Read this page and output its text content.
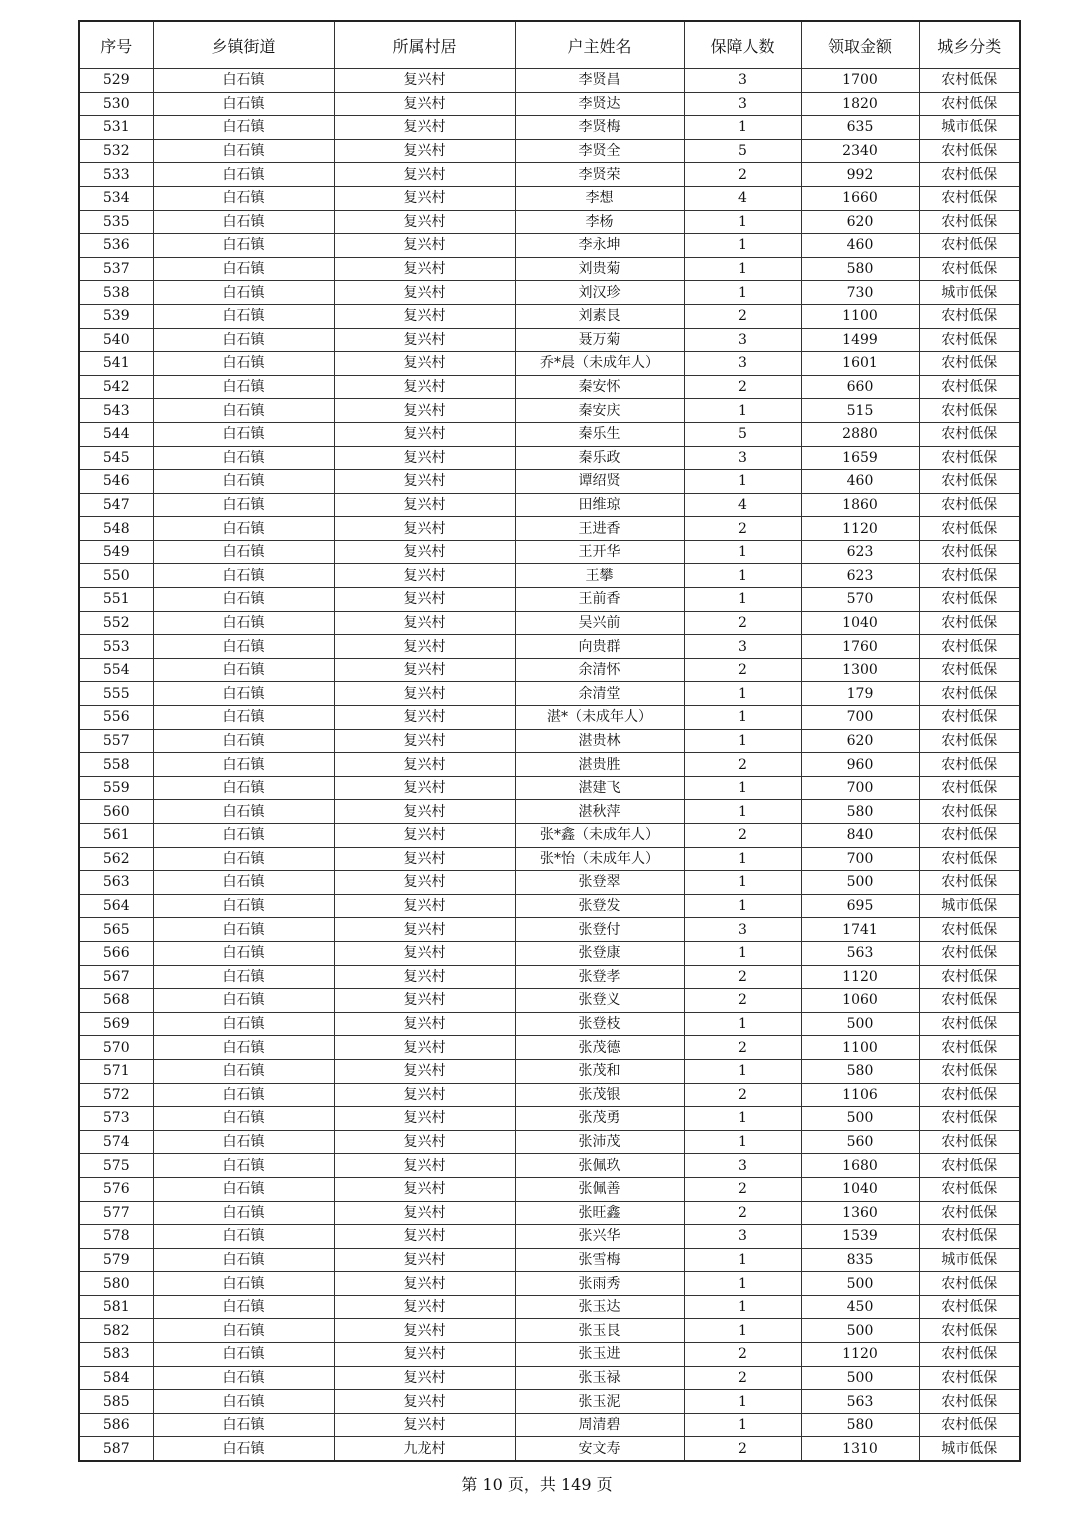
序号	乡镇街道	所属村居	户主姓名	保障人数	领取金额	城乡分类
529	白石镇	复兴村	李贤昌	3	1700	农村低保
530	白石镇	复兴村	李贤达	3	1820	农村低保
531	白石镇	复兴村	李贤梅	1	635	城市低保
532	白石镇	复兴村	李贤全	5	2340	农村低保
533	白石镇	复兴村	李贤荣	2	992	农村低保
534	白石镇	复兴村	李想	4	1660	农村低保
535	白石镇	复兴村	李杨	1	620	农村低保
536	白石镇	复兴村	李永坤	1	460	农村低保
537	白石镇	复兴村	刘贵菊	1	580	农村低保
538	白石镇	复兴村	刘汉珍	1	730	城市低保
539	白石镇	复兴村	刘素艮	2	1100	农村低保
540	白石镇	复兴村	聂万菊	3	1499	农村低保
541	白石镇	复兴村	乔*晨（未成年人）	3	1601	农村低保
542	白石镇	复兴村	秦安怀	2	660	农村低保
543	白石镇	复兴村	秦安庆	1	515	农村低保
544	白石镇	复兴村	秦乐生	5	2880	农村低保
545	白石镇	复兴村	秦乐政	3	1659	农村低保
546	白石镇	复兴村	谭绍贤	1	460	农村低保
547	白石镇	复兴村	田维琼	4	1860	农村低保
548	白石镇	复兴村	王进香	2	1120	农村低保
549	白石镇	复兴村	王开华	1	623	农村低保
550	白石镇	复兴村	王攀	1	623	农村低保
551	白石镇	复兴村	王前香	1	570	农村低保
552	白石镇	复兴村	吴兴前	2	1040	农村低保
553	白石镇	复兴村	向贵群	3	1760	农村低保
554	白石镇	复兴村	余清怀	2	1300	农村低保
555	白石镇	复兴村	余清堂	1	179	农村低保
556	白石镇	复兴村	湛*（未成年人）	1	700	农村低保
557	白石镇	复兴村	湛贵林	1	620	农村低保
558	白石镇	复兴村	湛贵胜	2	960	农村低保
559	白石镇	复兴村	湛建飞	1	700	农村低保
560	白石镇	复兴村	湛秋萍	1	580	农村低保
561	白石镇	复兴村	张*鑫（未成年人）	2	840	农村低保
562	白石镇	复兴村	张*怡（未成年人）	1	700	农村低保
563	白石镇	复兴村	张登翠	1	500	农村低保
564	白石镇	复兴村	张登发	1	695	城市低保
565	白石镇	复兴村	张登付	3	1741	农村低保
566	白石镇	复兴村	张登康	1	563	农村低保
567	白石镇	复兴村	张登孝	2	1120	农村低保
568	白石镇	复兴村	张登义	2	1060	农村低保
569	白石镇	复兴村	张登枝	1	500	农村低保
570	白石镇	复兴村	张茂德	2	1100	农村低保
571	白石镇	复兴村	张茂和	1	580	农村低保
572	白石镇	复兴村	张茂银	2	1106	农村低保
573	白石镇	复兴村	张茂勇	1	500	农村低保
574	白石镇	复兴村	张沛茂	1	560	农村低保
575	白石镇	复兴村	张佩玖	3	1680	农村低保
576	白石镇	复兴村	张佩善	2	1040	农村低保
577	白石镇	复兴村	张旺鑫	2	1360	农村低保
578	白石镇	复兴村	张兴华	3	1539	农村低保
579	白石镇	复兴村	张雪梅	1	835	城市低保
580	白石镇	复兴村	张雨秀	1	500	农村低保
581	白石镇	复兴村	张玉达	1	450	农村低保
582	白石镇	复兴村	张玉艮	1	500	农村低保
583	白石镇	复兴村	张玉进	2	1120	农村低保
584	白石镇	复兴村	张玉禄	2	500	农村低保
585	白石镇	复兴村	张玉泥	1	563	农村低保
586	白石镇	复兴村	周清碧	1	580	农村低保
587	白石镇	九龙村	安文寿	2	1310	城市低保
第 10 页，共 149 页
